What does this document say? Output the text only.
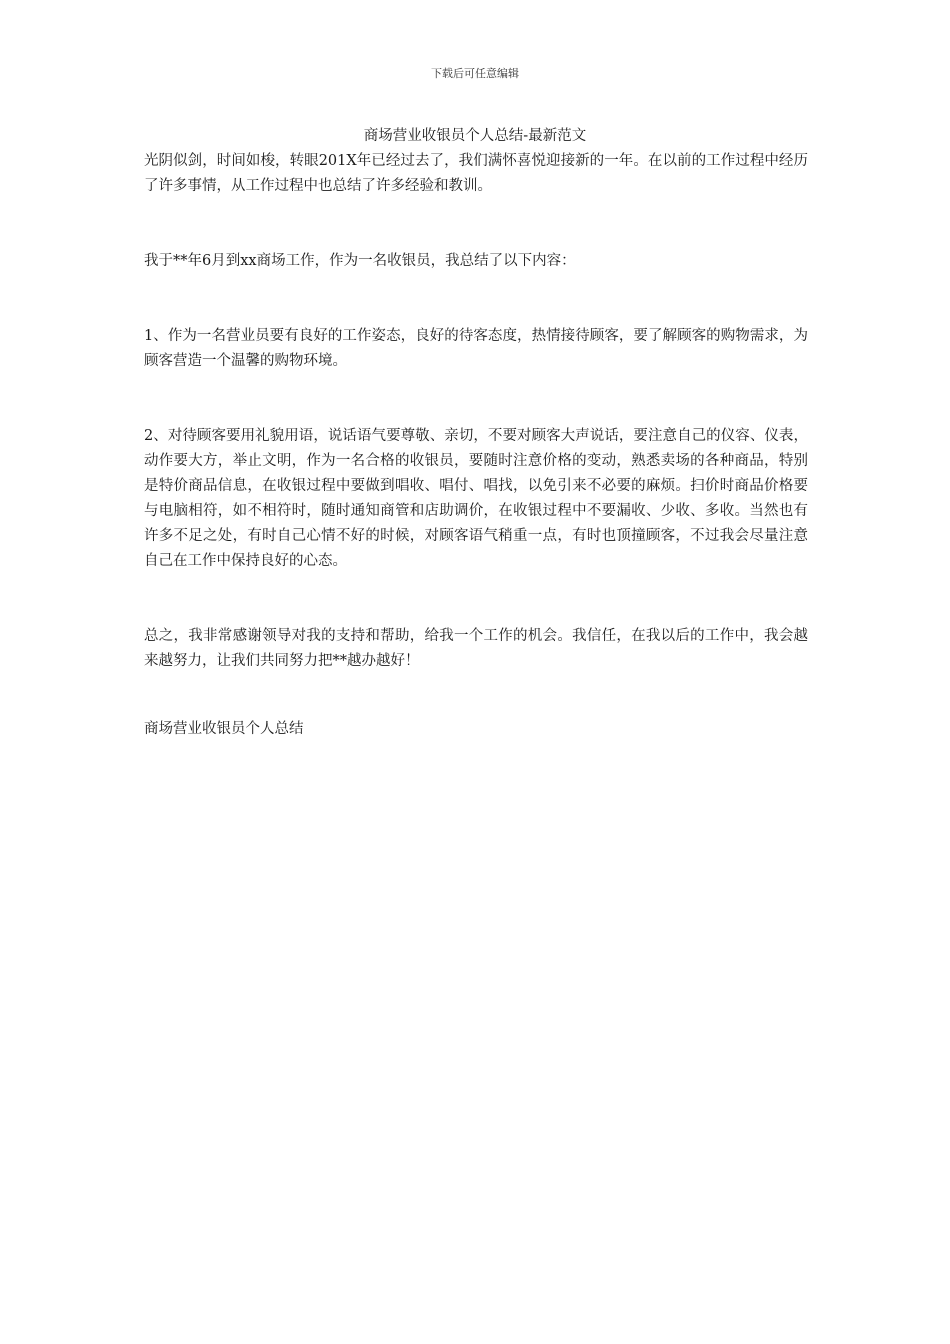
下载后可任意编辑
商场营业收银员个人总结-最新范文

光阴似剑，时间如梭，转眼201X年已经过去了，我们满怀喜悦迎接新的一年。在以前的工作过程中经历了许多事情，从工作过程中也总结了许多经验和教训。

我于**年6月到xx商场工作，作为一名收银员，我总结了以下内容：

1、作为一名营业员要有良好的工作姿态，良好的待客态度，热情接待顾客，要了解顾客的购物需求，为顾客营造一个温馨的购物环境。

2、对待顾客要用礼貌用语，说话语气要尊敬、亲切，不要对顾客大声说话，要注意自己的仪容、仪表，动作要大方，举止文明，作为一名合格的收银员，要随时注意价格的变动，熟悉卖场的各种商品，特别是特价商品信息，在收银过程中要做到唱收、唱付、唱找，以免引来不必要的麻烦。扫价时商品价格要与电脑相符，如不相符时，随时通知商管和店助调价，在收银过程中不要漏收、少收、多收。当然也有许多不足之处，有时自己心情不好的时候，对顾客语气稍重一点，有时也顶撞顾客，不过我会尽量注意自己在工作中保持良好的心态。

总之，我非常感谢领导对我的支持和帮助，给我一个工作的机会。我信任，在我以后的工作中，我会越来越努力，让我们共同努力把**越办越好！

商场营业收银员个人总结
